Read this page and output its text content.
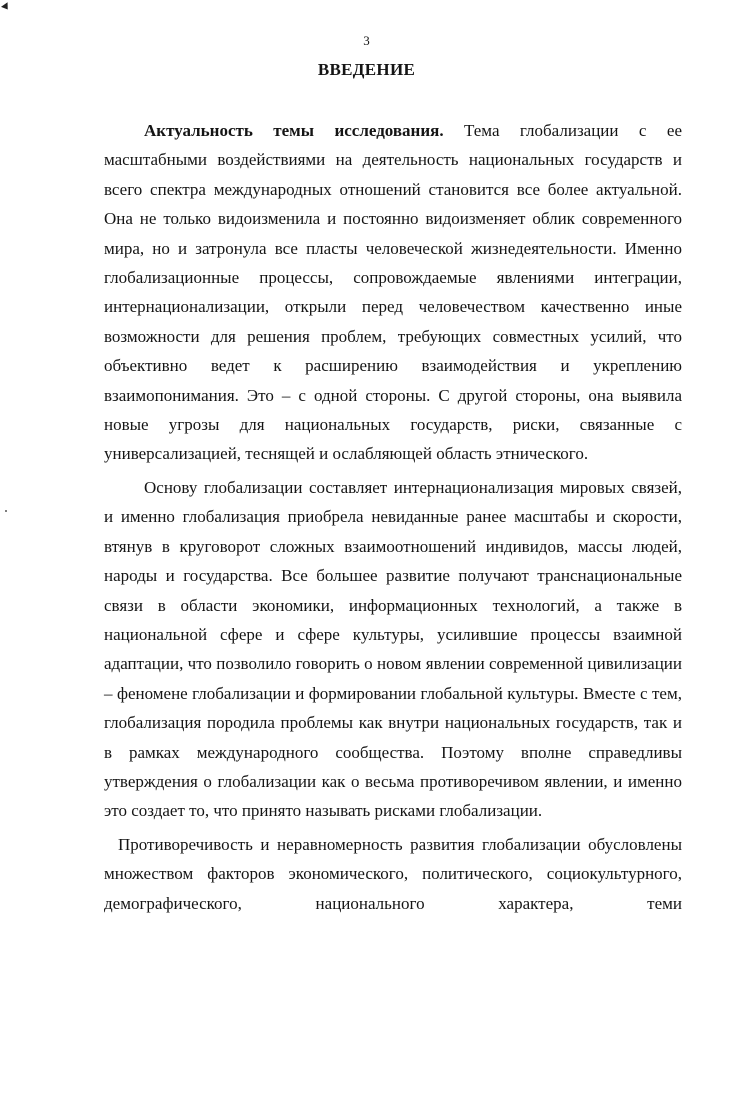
3
ВВЕДЕНИЕ

Актуальность темы исследования. Тема глобализации с ее масштабными воздействиями на деятельность национальных государств и всего спектра международных отношений становится все более актуальной. Она не только видоизменила и постоянно видоизменяет облик современного мира, но и затронула все пласты человеческой жизнедеятельности. Именно глобализационные процессы, сопровождаемые явлениями интеграции, интернационализации, открыли перед человечеством качественно иные возможности для решения проблем, требующих совместных усилий, что объективно ведет к расширению взаимодействия и укреплению взаимопонимания. Это – с одной стороны. С другой стороны, она выявила новые угрозы для национальных государств, риски, связанные с универсализацией, теснящей и ослабляющей область этнического.

Основу глобализации составляет интернационализация мировых связей, и именно глобализация приобрела невиданные ранее масштабы и скорости, втянув в круговорот сложных взаимоотношений индивидов, массы людей, народы и государства. Все большее развитие получают транснациональные связи в области экономики, информационных технологий, а также в национальной сфере и сфере культуры, усилившие процессы взаимной адаптации, что позволило говорить о новом явлении современной цивилизации – феномене глобализации и формировании глобальной культуры. Вместе с тем, глобализация породила проблемы как внутри национальных государств, так и в рамках международного сообщества. Поэтому вполне справедливы утверждения о глобализации как о весьма противоречивом явлении, и именно это создает то, что принято называть рисками глобализации.

Противоречивость и неравномерность развития глобализации обусловлены множеством факторов экономического, политического, социокультурного, демографического, национального характера, теми
